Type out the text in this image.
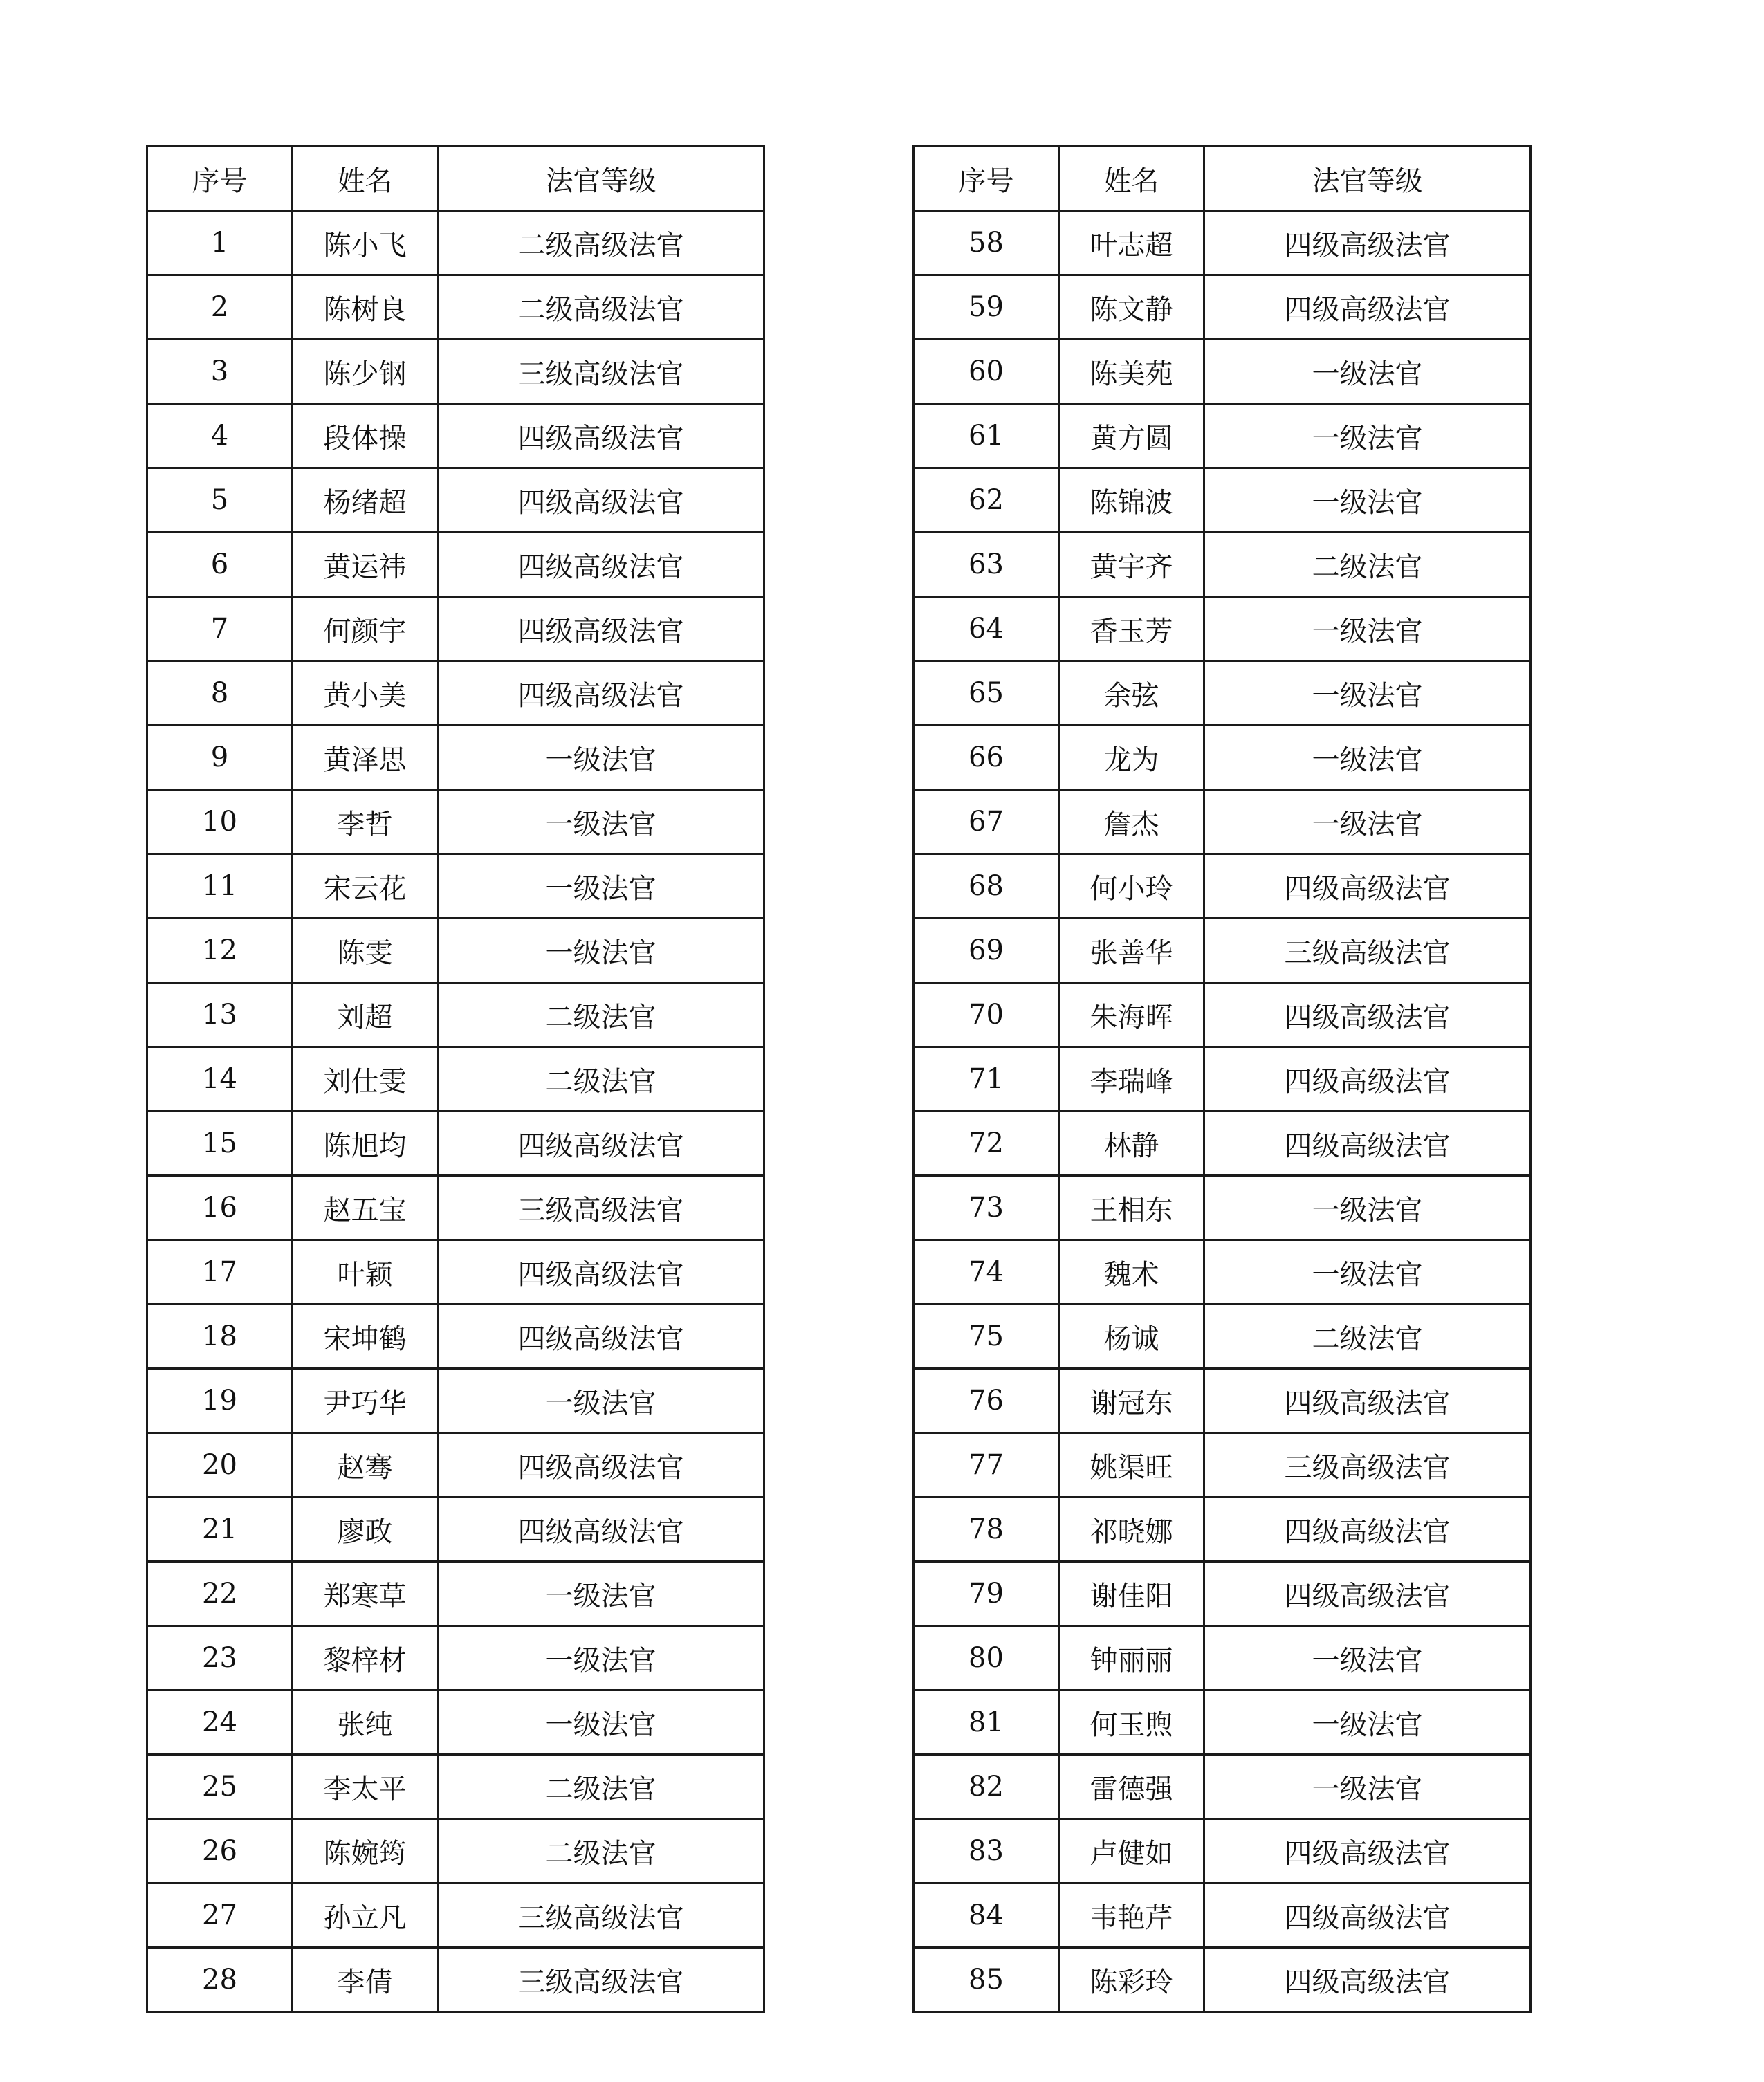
序号	姓名	法官等级
1	陈小飞	二级高级法官
2	陈树良	二级高级法官
3	陈少钢	三级高级法官
4	段体操	四级高级法官
5	杨绪超	四级高级法官
6	黄运祎	四级高级法官
7	何颜宇	四级高级法官
8	黄小美	四级高级法官
9	黄泽思	一级法官
10	李哲	一级法官
11	宋云花	一级法官
12	陈雯	一级法官
13	刘超	二级法官
14	刘仕雯	二级法官
15	陈旭均	四级高级法官
16	赵五宝	三级高级法官
17	叶颖	四级高级法官
18	宋坤鹤	四级高级法官
19	尹巧华	一级法官
20	赵骞	四级高级法官
21	廖政	四级高级法官
22	郑寒草	一级法官
23	黎梓材	一级法官
24	张纯	一级法官
25	李太平	二级法官
26	陈婉筠	二级法官
27	孙立凡	三级高级法官
28	李倩	三级高级法官
序号	姓名	法官等级
58	叶志超	四级高级法官
59	陈文静	四级高级法官
60	陈美苑	一级法官
61	黄方圆	一级法官
62	陈锦波	一级法官
63	黄宇齐	二级法官
64	香玉芳	一级法官
65	余弦	一级法官
66	龙为	一级法官
67	詹杰	一级法官
68	何小玲	四级高级法官
69	张善华	三级高级法官
70	朱海晖	四级高级法官
71	李瑞峰	四级高级法官
72	林静	四级高级法官
73	王相东	一级法官
74	魏术	一级法官
75	杨诚	二级法官
76	谢冠东	四级高级法官
77	姚渠旺	三级高级法官
78	祁晓娜	四级高级法官
79	谢佳阳	四级高级法官
80	钟丽丽	一级法官
81	何玉煦	一级法官
82	雷德强	一级法官
83	卢健如	四级高级法官
84	韦艳芹	四级高级法官
85	陈彩玲	四级高级法官
